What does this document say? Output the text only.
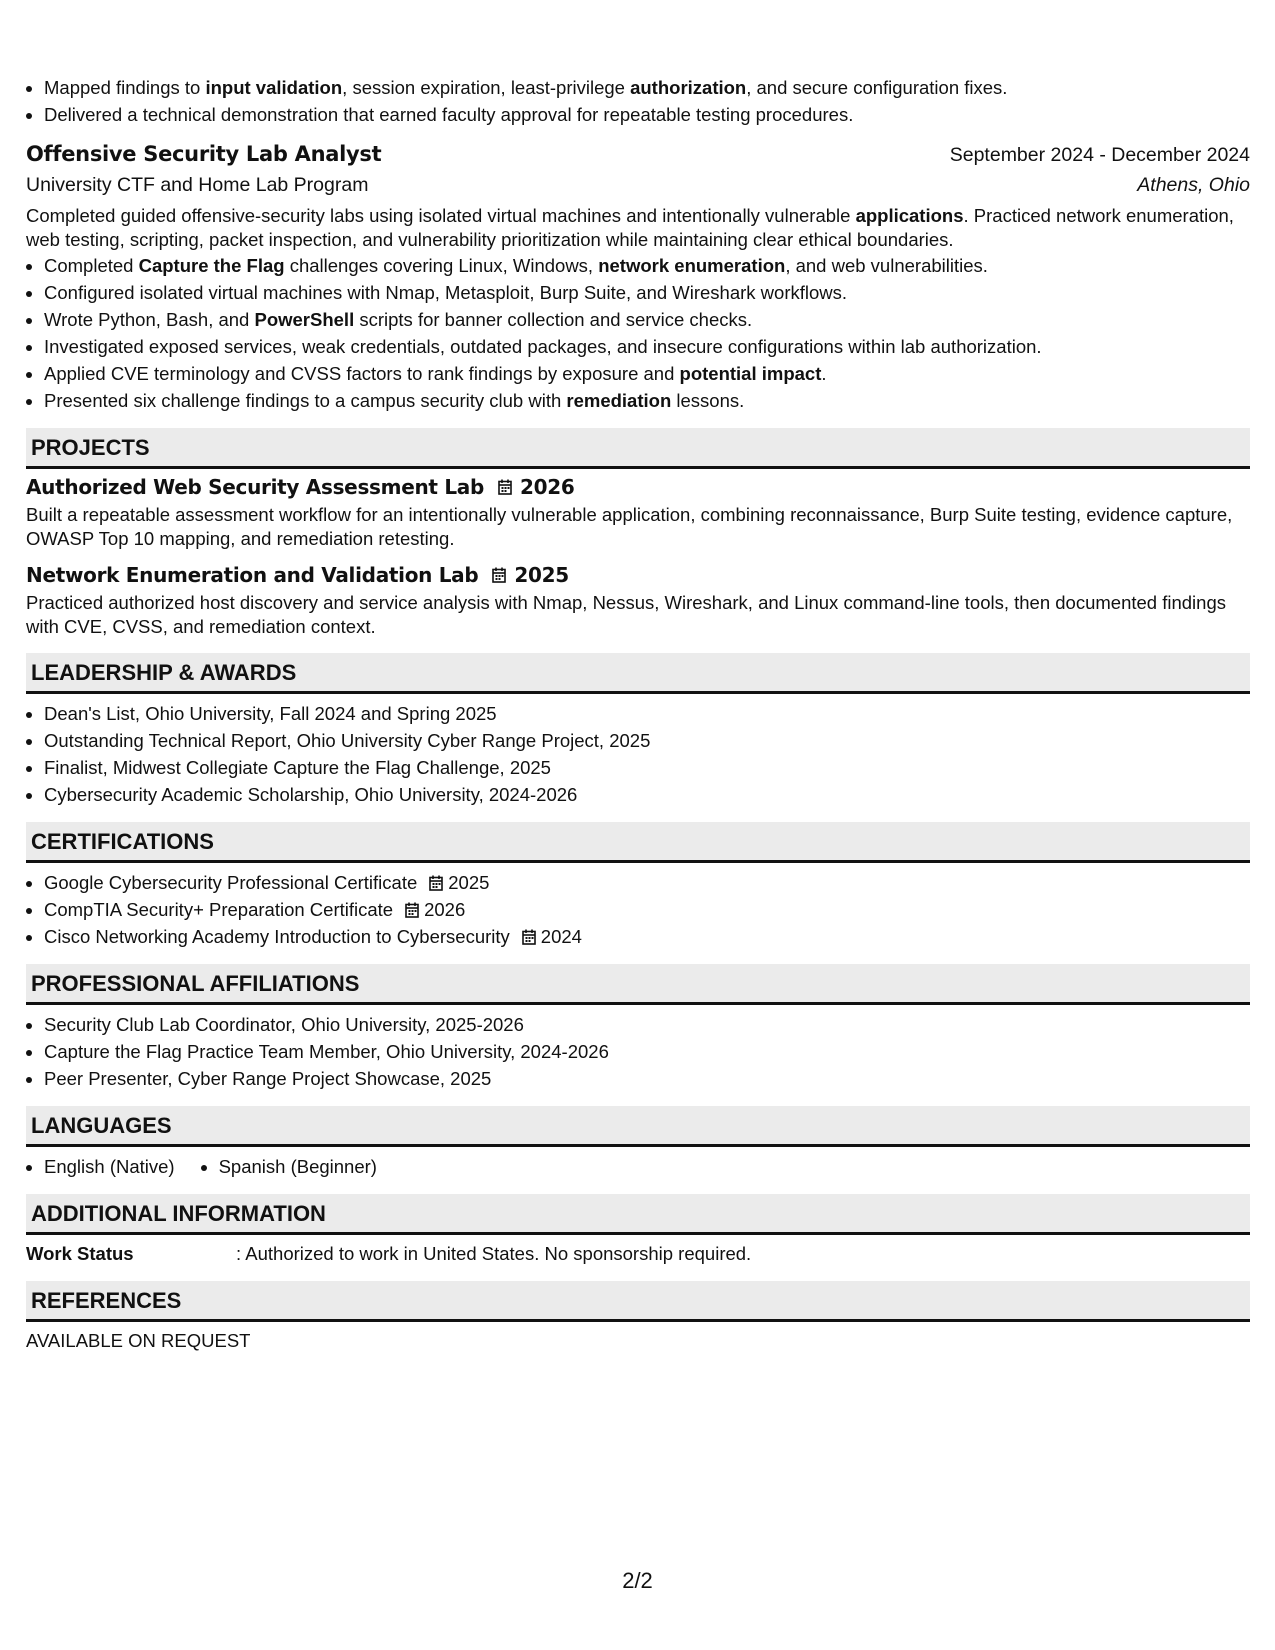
• Mapped findings to input validation, session expiration, least-privilege authorization, and secure configuration fixes.
• Delivered a technical demonstration that earned faculty approval for repeatable testing procedures.
Offensive Security Lab Analyst	September 2024 - December 2024
University CTF and Home Lab Program	Athens, Ohio
Completed guided offensive-security labs using isolated virtual machines and intentionally vulnerable applications. Practiced network enumeration, web testing, scripting, packet inspection, and vulnerability prioritization while maintaining clear ethical boundaries.
• Completed Capture the Flag challenges covering Linux, Windows, network enumeration, and web vulnerabilities.
• Configured isolated virtual machines with Nmap, Metasploit, Burp Suite, and Wireshark workflows.
• Wrote Python, Bash, and PowerShell scripts for banner collection and service checks.
• Investigated exposed services, weak credentials, outdated packages, and insecure configurations within lab authorization.
• Applied CVE terminology and CVSS factors to rank findings by exposure and potential impact.
• Presented six challenge findings to a campus security club with remediation lessons.
PROJECTS
Authorized Web Security Assessment Lab 2026
Built a repeatable assessment workflow for an intentionally vulnerable application, combining reconnaissance, Burp Suite testing, evidence capture, OWASP Top 10 mapping, and remediation retesting.
Network Enumeration and Validation Lab 2025
Practiced authorized host discovery and service analysis with Nmap, Nessus, Wireshark, and Linux command-line tools, then documented findings with CVE, CVSS, and remediation context.
LEADERSHIP & AWARDS
• Dean's List, Ohio University, Fall 2024 and Spring 2025
• Outstanding Technical Report, Ohio University Cyber Range Project, 2025
• Finalist, Midwest Collegiate Capture the Flag Challenge, 2025
• Cybersecurity Academic Scholarship, Ohio University, 2024-2026
CERTIFICATIONS
• Google Cybersecurity Professional Certificate 2025
• CompTIA Security+ Preparation Certificate 2026
• Cisco Networking Academy Introduction to Cybersecurity 2024
PROFESSIONAL AFFILIATIONS
• Security Club Lab Coordinator, Ohio University, 2025-2026
• Capture the Flag Practice Team Member, Ohio University, 2024-2026
• Peer Presenter, Cyber Range Project Showcase, 2025
LANGUAGES
• English (Native)
• Spanish (Beginner)
ADDITIONAL INFORMATION
Work Status	: Authorized to work in United States. No sponsorship required.
REFERENCES
AVAILABLE ON REQUEST
2/2
